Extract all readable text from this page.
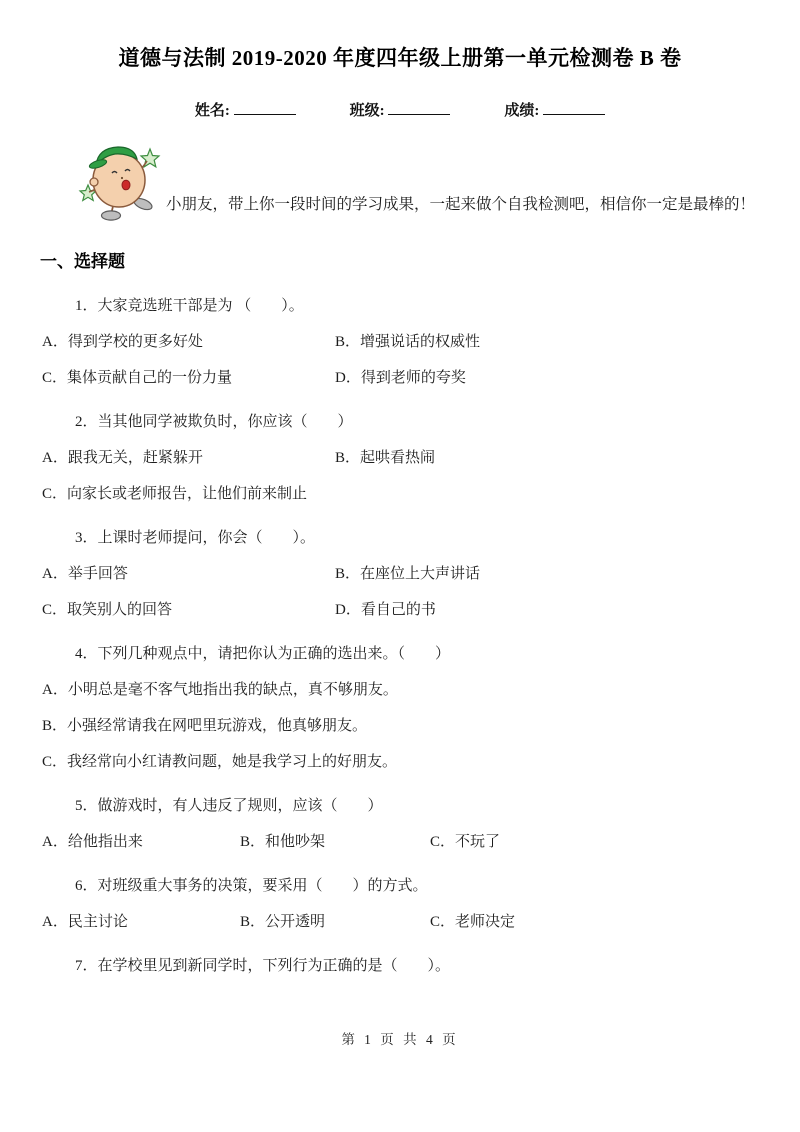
道德与法制 2019-2020 年度四年级上册第一单元检测卷 B 卷
姓名:	班级:	成绩:

小朋友，带上你一段时间的学习成果，一起来做个自我检测吧，相信你一定是最棒的！

一、选择题

1．大家竞选班干部是为 （　　）。

A．得到学校的更多好处	B．增强说话的权威性
C．集体贡献自己的一份力量	D．得到老师的夸奖

2．当其他同学被欺负时，你应该（　　）

A．跟我无关，赶紧躲开	B．起哄看热闹
C．向家长或老师报告，让他们前来制止

3．上课时老师提问，你会（　　）。

A．举手回答	B．在座位上大声讲话
C．取笑别人的回答	D．看自己的书

4．下列几种观点中，请把你认为正确的选出来。（　　）

A．小明总是毫不客气地指出我的缺点，真不够朋友。
B．小强经常请我在网吧里玩游戏，他真够朋友。
C．我经常向小红请教问题，她是我学习上的好朋友。

5．做游戏时，有人违反了规则，应该（　　）

A．给他指出来	B．和他吵架	C．不玩了

6．对班级重大事务的决策，要采用（　　）的方式。

A．民主讨论	B．公开透明	C．老师决定

7．在学校里见到新同学时，下列行为正确的是（　　）。

第 1 页 共 4 页
